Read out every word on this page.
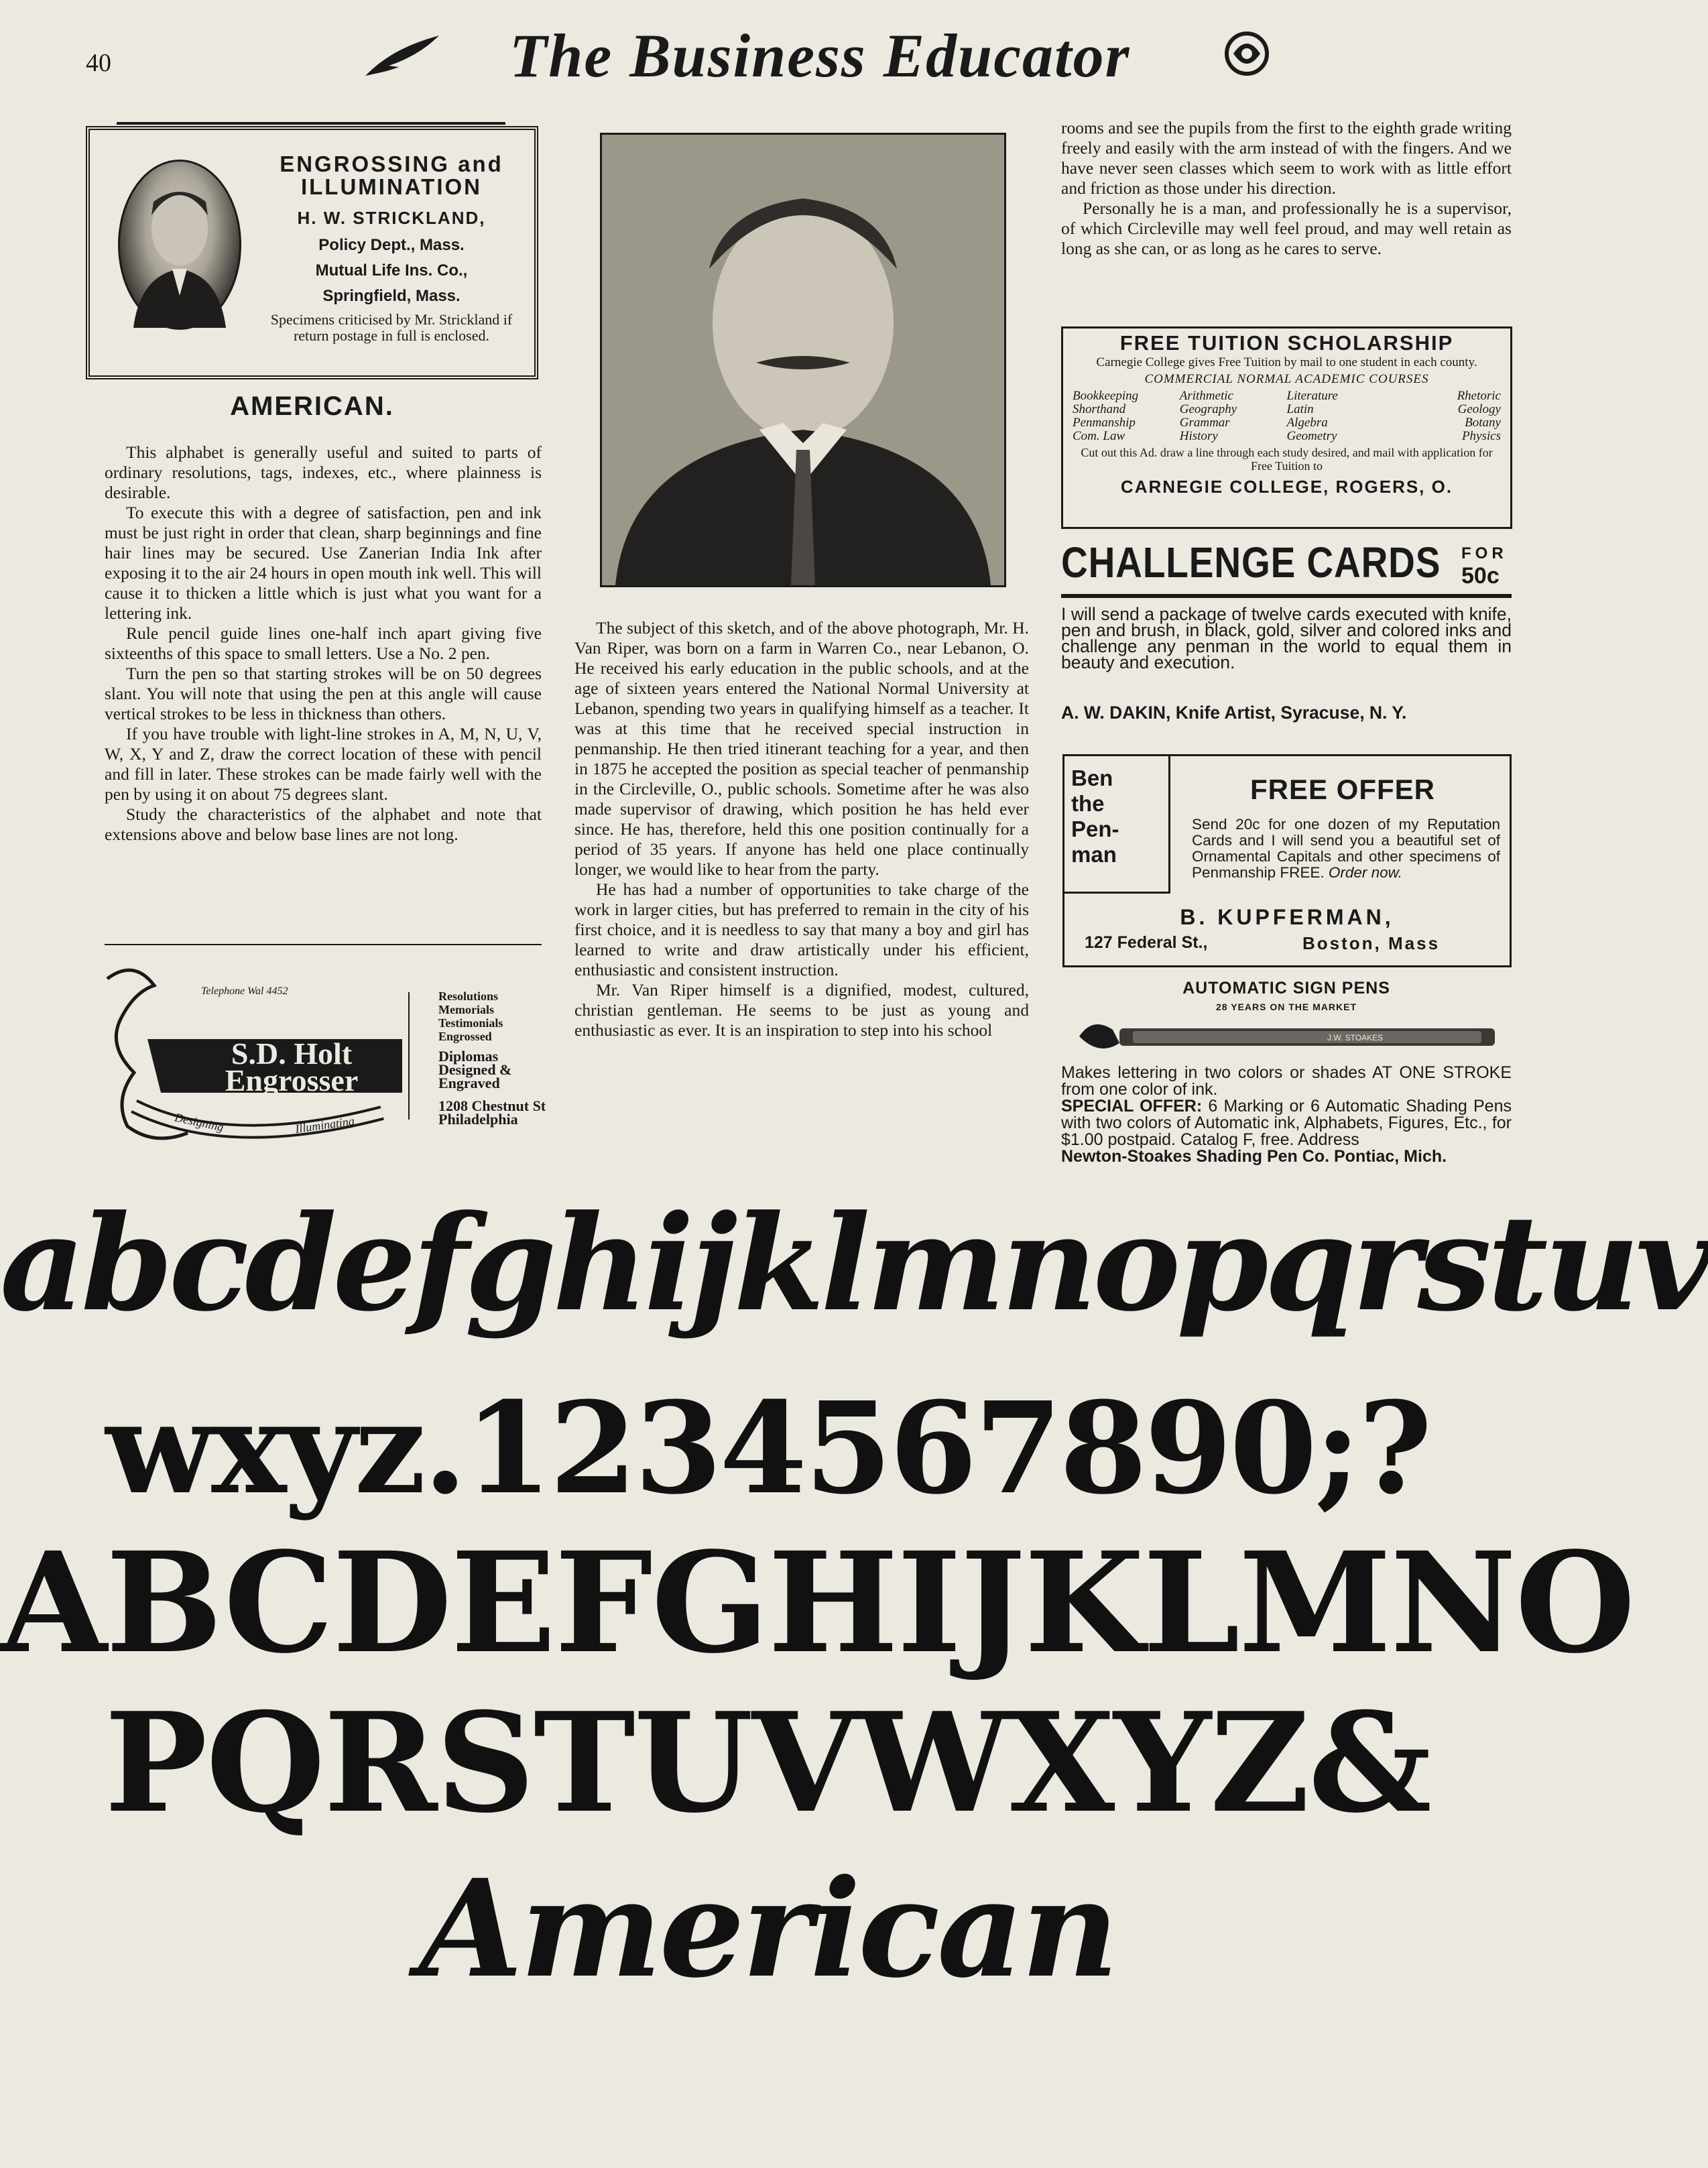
40	The Business Educator
ENGROSSING and
ILLUMINATION
H. W. STRICKLAND,
Policy Dept., Mass.
Mutual Life Ins. Co.,
Springfield, Mass.
Specimens criticised by Mr. Strickland if return postage in full is enclosed.
AMERICAN.

This alphabet is generally useful and suited to parts of ordinary resolutions, tags, indexes, etc., where plainness is desirable.

To execute this with a degree of satisfaction, pen and ink must be just right in order that clean, sharp beginnings and fine hair lines may be secured. Use Zanerian India Ink after exposing it to the air 24 hours in open mouth ink well. This will cause it to thicken a little which is just what you want for a lettering ink.

Rule pencil guide lines one-half inch apart giving five sixteenths of this space to small letters. Use a No. 2 pen.

Turn the pen so that starting strokes will be on 50 degrees slant. You will note that using the pen at this angle will cause vertical strokes to be less in thickness than others.

If you have trouble with light-line strokes in A, M, N, U, V, W, X, Y and Z, draw the correct location of these with pencil and fill in later. These strokes can be made fairly well with the pen by using it on about 75 degrees slant.

Study the characteristics of the alphabet and note that extensions above and below base lines are not long.

Telephone Wal 4452
S.D. Holt
Engrosser
Designing	Illuminating
Resolutions
Memorials
Testimonials
Engrossed
Diplomas
Designed &
Engraved
1208 Chestnut St
Philadelphia

The subject of this sketch, and of the above photograph, Mr. H. Van Riper, was born on a farm in Warren Co., near Lebanon, O. He received his early education in the public schools, and at the age of sixteen years entered the National Normal University at Lebanon, spending two years in qualifying himself as a teacher. It was at this time that he received special instruction in penmanship. He then tried itinerant teaching for a year, and then in 1875 he accepted the position as special teacher of penmanship in the Circleville, O., public schools. Sometime after he was also made supervisor of drawing, which position he has held ever since. He has, therefore, held this one position continually for a period of 35 years. If anyone has held one place continually longer, we would like to hear from the party.

He has had a number of opportunities to take charge of the work in larger cities, but has preferred to remain in the city of his first choice, and it is needless to say that many a boy and girl has learned to write and draw artistically under his efficient, enthusiastic and consistent instruction.

Mr. Van Riper himself is a dignified, modest, cultured, christian gentleman. He seems to be just as young and enthusiastic as ever. It is an inspiration to step into his school

rooms and see the pupils from the first to the eighth grade writing freely and easily with the arm instead of with the fingers. And we have never seen classes which seem to work with as little effort and friction as those under his direction.

Personally he is a man, and professionally he is a supervisor, of which Circleville may well feel proud, and may well retain as long as she can, or as long as he cares to serve.

FREE TUITION SCHOLARSHIP
Carnegie College gives Free Tuition by mail to one student in each county.
COMMERCIAL NORMAL ACADEMIC COURSES
Bookkeeping	Arithmetic	Literature	Rhetoric
Shorthand	Geography	Latin	Geology
Penmanship	Grammar	Algebra	Botany
Com. Law	History	Geometry	Physics
Cut out this Ad. draw a line through each study desired, and mail with application for Free Tuition to
CARNEGIE COLLEGE, ROGERS, O.
CHALLENGE CARDS FOR
50c
I will send a package of twelve cards executed with knife, pen and brush, in black, gold, silver and colored inks and challenge any penman in the world to equal them in beauty and execution.
A. W. DAKIN, Knife Artist, Syracuse, N. Y.
Ben
the
Pen-
man
FREE OFFER
Send 20c for one dozen of my Reputation Cards and I will send you a beautiful set of Ornamental Capitals and other specimens of Penmanship FREE. Order now.
B. KUPFERMAN,
127 Federal St.,	Boston, Mass
AUTOMATIC SIGN PENS
28 YEARS ON THE MARKET
J.W. STOAKES
Makes lettering in two colors or shades AT ONE STROKE from one color of ink.
SPECIAL OFFER: 6 Marking or 6 Automatic Shading Pens with two colors of Automatic ink, Alphabets, Figures, Etc., for $1.00 postpaid. Catalog F, free. Address
Newton-Stoakes Shading Pen Co. Pontiac, Mich.
abcdefghijklmnopqrstuv
wxyz.1234567890;?
ABCDEFGHIJKLMNO
PQRSTUVWXYZ&
American
